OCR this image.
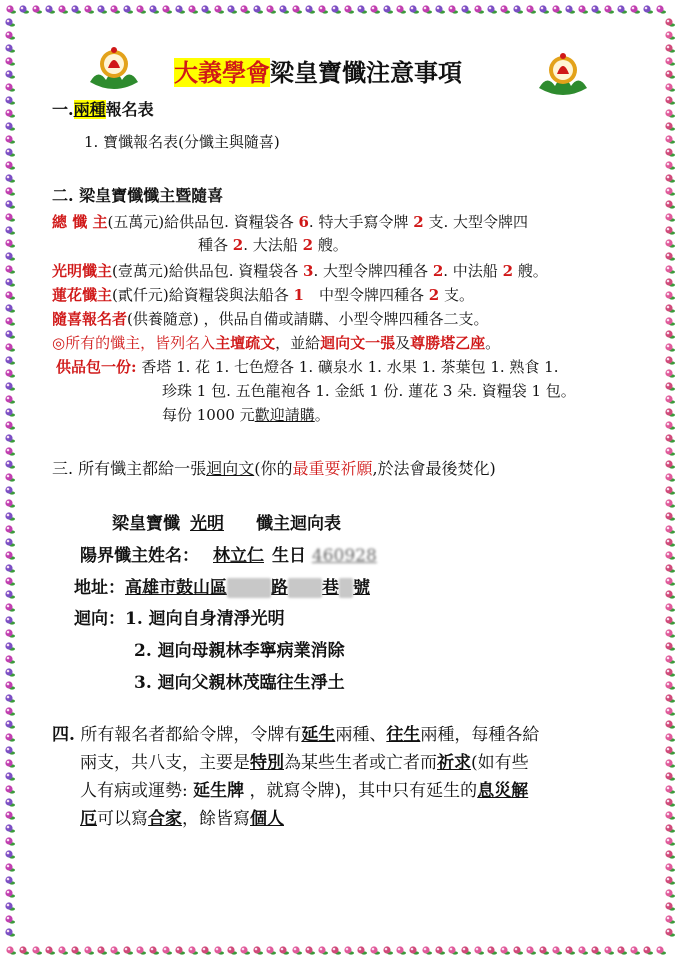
大義學會梁皇寶懺注意事項
一.兩種報名表
1. 寶懺報名表(分懺主與隨喜)
二. 梁皇寶懺懺主暨隨喜
總 懺 主(五萬元)給供品包. 資糧袋各 6. 特大手寫令牌 2 支. 大型令牌四
種各 2. 大法船 2 艘。
光明懺主(壹萬元)給供品包. 資糧袋各 3. 大型令牌四種各 2. 中法船 2 艘。
蓮花懺主(貳仟元)給資糧袋與法船各 1　中型令牌四種各 2 支。
隨喜報名者(供養隨意) ，供品自備或請購、小型令牌四種各二支。
◎所有的懺主，皆列名入主壇疏文，並給迴向文一張及尊勝塔乙座。
供品包一份: 香塔 1. 花 1. 七色燈各 1. 礦泉水 1. 水果 1. 茶葉包 1. 熟食 1.
珍珠 1 包. 五色龍袍各 1. 金紙 1 份. 蓮花 3 朵. 資糧袋 1 包。
每份 1000 元歡迎請購。
三. 所有懺主都給一張迴向文(你的最重要祈願,於法會最後焚化)
梁皇寶懺 光明 懺主迴向表
陽界懺主姓名： 林立仁 生日 460928
地址：高雄市鼓山區	路 巷 號
迴向：1. 迴向自身清淨光明
2. 迴向母親林李寧病業消除
3. 迴向父親林茂臨往生淨土
四. 所有報名者都給令牌，令牌有延生兩種、往生兩種，每種各給
兩支，共八支，主要是特別為某些生者或亡者而祈求(如有些
人有病或運勢: 延生牌 ，就寫令牌)，其中只有延生的息災解
厄可以寫合家，餘皆寫個人
